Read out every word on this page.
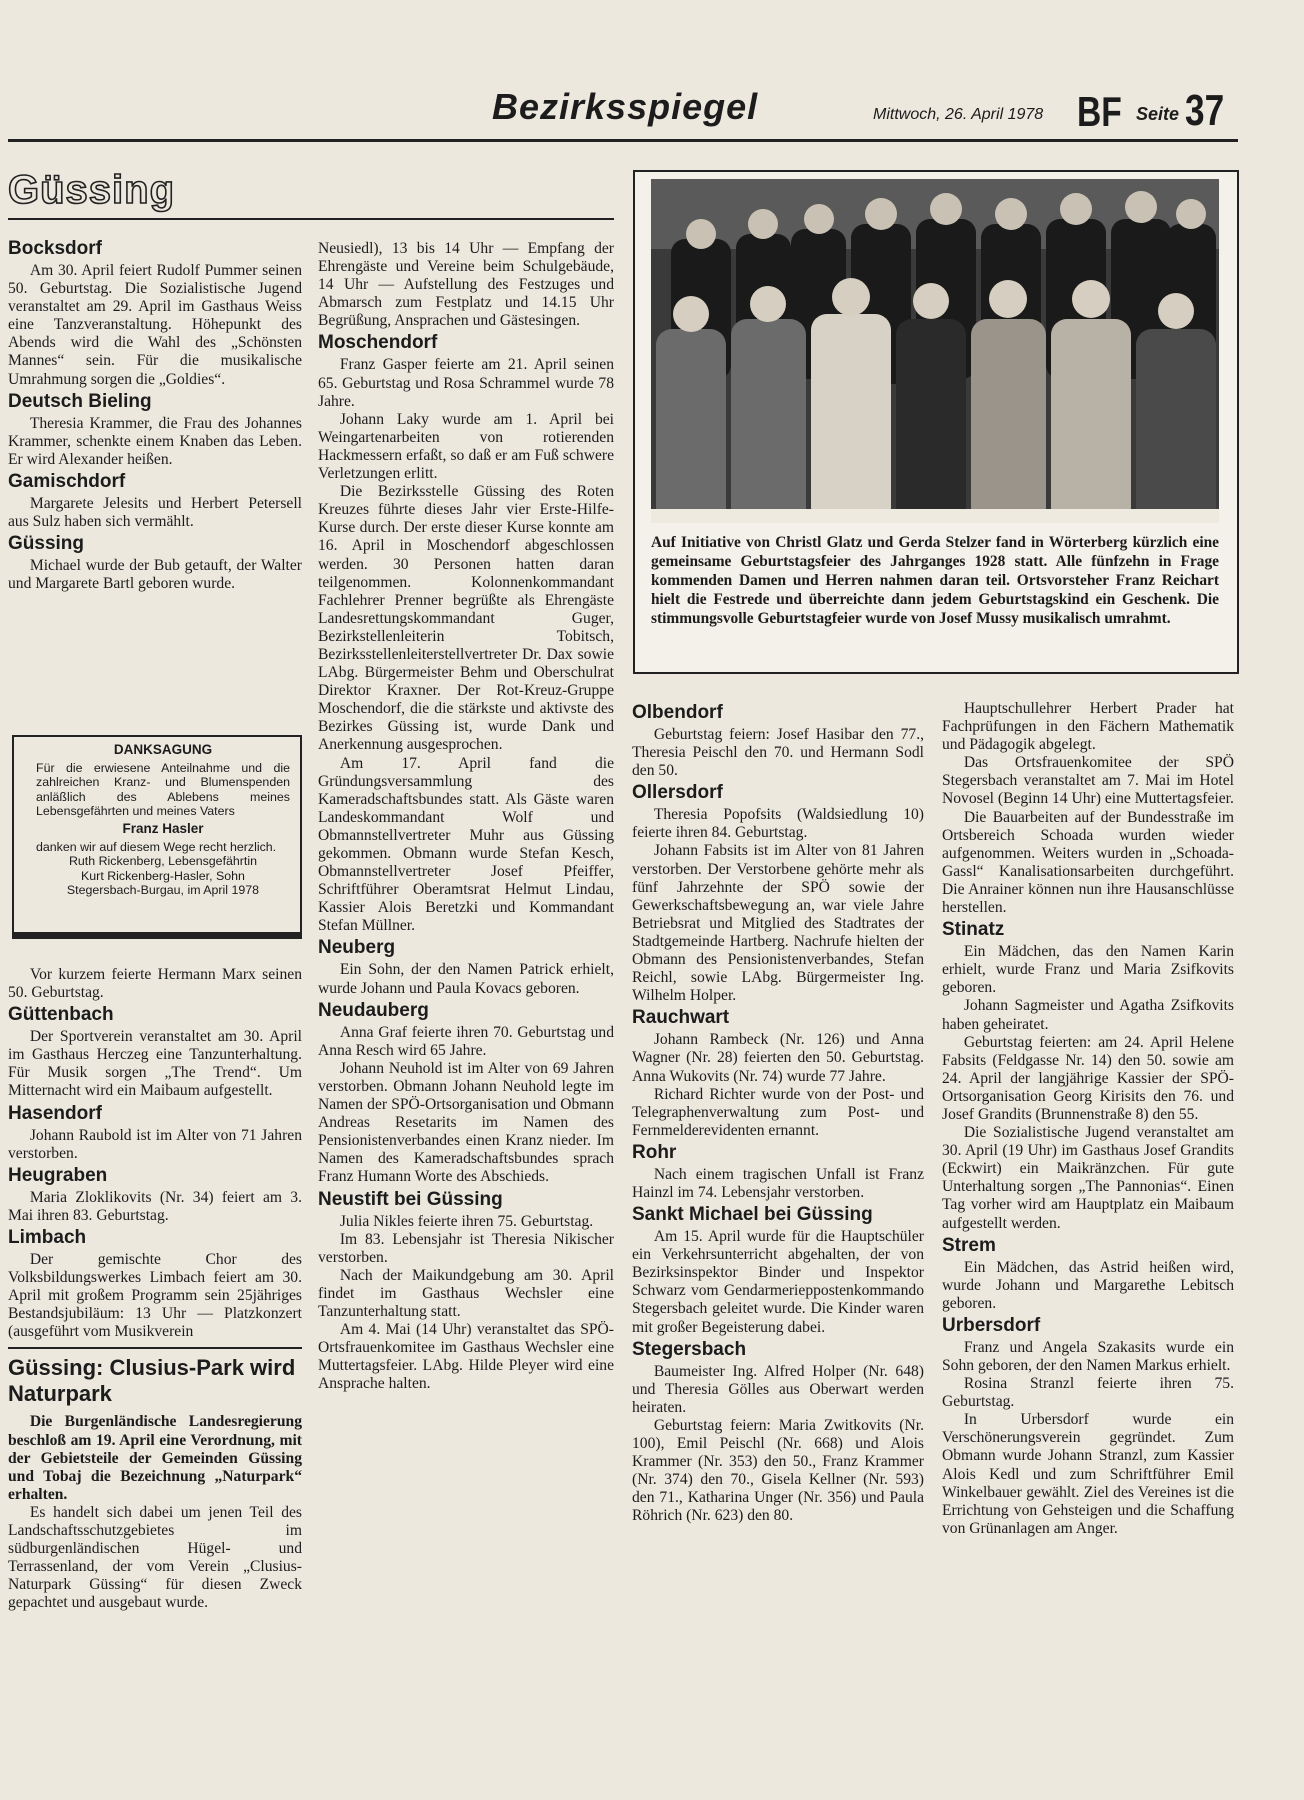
Bezirksspiegel	Mittwoch, 26. April 1978 BF Seite 37
Güssing
Bocksdorf

Am 30. April feiert Rudolf Pummer seinen 50. Geburtstag. Die Sozialistische Jugend veranstaltet am 29. April im Gasthaus Weiss eine Tanzveranstaltung. Höhepunkt des Abends wird die Wahl des „Schönsten Mannes“ sein. Für die musikalische Umrahmung sorgen die „Goldies“.

Deutsch Bieling

Theresia Krammer, die Frau des Johannes Krammer, schenkte einem Knaben das Leben. Er wird Alexander heißen.

Gamischdorf

Margarete Jelesits und Herbert Petersell aus Sulz haben sich vermählt.

Güssing

Michael wurde der Bub getauft, der Walter und Margarete Bartl geboren wurde.

DANKSAGUNG

Für die erwiesene Anteilnahme und die zahlreichen Kranz- und Blumenspenden anläßlich des Ablebens meines Lebensgefährten und meines Vaters

Franz Hasler

danken wir auf diesem Wege recht herzlich.

Ruth Rickenberg, Lebensgefährtin
Kurt Rickenberg-Hasler, Sohn
Stegersbach-Burgau, im April 1978

Vor kurzem feierte Hermann Marx seinen 50. Geburtstag.

Güttenbach

Der Sportverein veranstaltet am 30. April im Gasthaus Herczeg eine Tanzunterhaltung. Für Musik sorgen „The Trend“. Um Mitternacht wird ein Maibaum aufgestellt.

Hasendorf

Johann Raubold ist im Alter von 71 Jahren verstorben.

Heugraben

Maria Zloklikovits (Nr. 34) feiert am 3. Mai ihren 83. Geburtstag.

Limbach

Der gemischte Chor des Volksbildungswerkes Limbach feiert am 30. April mit großem Programm sein 25jähriges Bestandsjubiläum: 13 Uhr — Platzkonzert (ausgeführt vom Musikverein

Güssing: Clusius-Park wird Naturpark

Die Burgenländische Landesregierung beschloß am 19. April eine Verordnung, mit der Gebietsteile der Gemeinden Güssing und Tobaj die Bezeichnung „Naturpark“ erhalten.

Es handelt sich dabei um jenen Teil des Landschaftsschutzgebietes im südburgenländischen Hügel- und Terrassenland, der vom Verein „Clusius-Naturpark Güssing“ für diesen Zweck gepachtet und ausgebaut wurde.

Neusiedl), 13 bis 14 Uhr — Empfang der Ehrengäste und Vereine beim Schulgebäude, 14 Uhr — Aufstellung des Festzuges und Abmarsch zum Festplatz und 14.15 Uhr Begrüßung, Ansprachen und Gästesingen.

Moschendorf

Franz Gasper feierte am 21. April seinen 65. Geburtstag und Rosa Schrammel wurde 78 Jahre.

Johann Laky wurde am 1. April bei Weingartenarbeiten von rotierenden Hackmessern erfaßt, so daß er am Fuß schwere Verletzungen erlitt.

Die Bezirksstelle Güssing des Roten Kreuzes führte dieses Jahr vier Erste-Hilfe-Kurse durch. Der erste dieser Kurse konnte am 16. April in Moschendorf abgeschlossen werden. 30 Personen hatten daran teilgenommen. Kolonnenkommandant Fachlehrer Prenner begrüßte als Ehrengäste Landesrettungskommandant Guger, Bezirkstellenleiterin Tobitsch, Bezirksstellenleiterstellvertreter Dr. Dax sowie LAbg. Bürgermeister Behm und Oberschulrat Direktor Kraxner. Der Rot-Kreuz-Gruppe Moschendorf, die die stärkste und aktivste des Bezirkes Güssing ist, wurde Dank und Anerkennung ausgesprochen.

Am 17. April fand die Gründungsversammlung des Kameradschaftsbundes statt. Als Gäste waren Landeskommandant Wolf und Obmannstellvertreter Muhr aus Güssing gekommen. Obmann wurde Stefan Kesch, Obmannstellvertreter Josef Pfeiffer, Schriftführer Oberamtsrat Helmut Lindau, Kassier Alois Beretzki und Kommandant Stefan Müllner.

Neuberg

Ein Sohn, der den Namen Patrick erhielt, wurde Johann und Paula Kovacs geboren.

Neudauberg

Anna Graf feierte ihren 70. Geburtstag und Anna Resch wird 65 Jahre.

Johann Neuhold ist im Alter von 69 Jahren verstorben. Obmann Johann Neuhold legte im Namen der SPÖ-Ortsorganisation und Obmann Andreas Resetarits im Namen des Pensionistenverbandes einen Kranz nieder. Im Namen des Kameradschaftsbundes sprach Franz Humann Worte des Abschieds.

Neustift bei Güssing

Julia Nikles feierte ihren 75. Geburtstag.

Im 83. Lebensjahr ist Theresia Nikischer verstorben.

Nach der Maikundgebung am 30. April findet im Gasthaus Wechsler eine Tanzunterhaltung statt.

Am 4. Mai (14 Uhr) veranstaltet das SPÖ-Ortsfrauenkomitee im Gasthaus Wechsler eine Muttertagsfeier. LAbg. Hilde Pleyer wird eine Ansprache halten.

Auf Initiative von Christl Glatz und Gerda Stelzer fand in Wörterberg kürzlich eine gemeinsame Geburtstagsfeier des Jahrganges 1928 statt. Alle fünfzehn in Frage kommenden Damen und Herren nahmen daran teil. Ortsvorsteher Franz Reichart hielt die Festrede und überreichte dann jedem Geburtstagskind ein Geschenk. Die stimmungsvolle Geburtstagfeier wurde von Josef Mussy musikalisch umrahmt.
Olbendorf

Geburtstag feiern: Josef Hasibar den 77., Theresia Peischl den 70. und Hermann Sodl den 50.

Ollersdorf

Theresia Popofsits (Waldsiedlung 10) feierte ihren 84. Geburtstag.

Johann Fabsits ist im Alter von 81 Jahren verstorben. Der Verstorbene gehörte mehr als fünf Jahrzehnte der SPÖ sowie der Gewerkschaftsbewegung an, war viele Jahre Betriebsrat und Mitglied des Stadtrates der Stadtgemeinde Hartberg. Nachrufe hielten der Obmann des Pensionistenverbandes, Stefan Reichl, sowie LAbg. Bürgermeister Ing. Wilhelm Holper.

Rauchwart

Johann Rambeck (Nr. 126) und Anna Wagner (Nr. 28) feierten den 50. Geburtstag. Anna Wukovits (Nr. 74) wurde 77 Jahre.

Richard Richter wurde von der Post- und Telegraphenverwaltung zum Post- und Fernmelderevidenten ernannt.

Rohr

Nach einem tragischen Unfall ist Franz Hainzl im 74. Lebensjahr verstorben.

Sankt Michael bei Güssing

Am 15. April wurde für die Hauptschüler ein Verkehrsunterricht abgehalten, der von Bezirksinspektor Binder und Inspektor Schwarz vom Gendarmerieppostenkommando Stegersbach geleitet wurde. Die Kinder waren mit großer Begeisterung dabei.

Stegersbach

Baumeister Ing. Alfred Holper (Nr. 648) und Theresia Gölles aus Oberwart werden heiraten.

Geburtstag feiern: Maria Zwitkovits (Nr. 100), Emil Peischl (Nr. 668) und Alois Krammer (Nr. 353) den 50., Franz Krammer (Nr. 374) den 70., Gisela Kellner (Nr. 593) den 71., Katharina Unger (Nr. 356) und Paula Röhrich (Nr. 623) den 80.

Hauptschullehrer Herbert Prader hat Fachprüfungen in den Fächern Mathematik und Pädagogik abgelegt.

Das Ortsfrauenkomitee der SPÖ Stegersbach veranstaltet am 7. Mai im Hotel Novosel (Beginn 14 Uhr) eine Muttertagsfeier.

Die Bauarbeiten auf der Bundesstraße im Ortsbereich Schoada wurden wieder aufgenommen. Weiters wurden in „Schoada-Gassl“ Kanalisationsarbeiten durchgeführt. Die Anrainer können nun ihre Hausanschlüsse herstellen.

Stinatz

Ein Mädchen, das den Namen Karin erhielt, wurde Franz und Maria Zsifkovits geboren.

Johann Sagmeister und Agatha Zsifkovits haben geheiratet.

Geburtstag feierten: am 24. April Helene Fabsits (Feldgasse Nr. 14) den 50. sowie am 24. April der langjährige Kassier der SPÖ-Ortsorganisation Georg Kirisits den 76. und Josef Grandits (Brunnenstraße 8) den 55.

Die Sozialistische Jugend veranstaltet am 30. April (19 Uhr) im Gasthaus Josef Grandits (Eckwirt) ein Maikränzchen. Für gute Unterhaltung sorgen „The Pannonias“. Einen Tag vorher wird am Hauptplatz ein Maibaum aufgestellt werden.

Strem

Ein Mädchen, das Astrid heißen wird, wurde Johann und Margarethe Lebitsch geboren.

Urbersdorf

Franz und Angela Szakasits wurde ein Sohn geboren, der den Namen Markus erhielt.

Rosina Stranzl feierte ihren 75. Geburtstag.

In Urbersdorf wurde ein Verschönerungsverein gegründet. Zum Obmann wurde Johann Stranzl, zum Kassier Alois Kedl und zum Schriftführer Emil Winkelbauer gewählt. Ziel des Vereines ist die Errichtung von Gehsteigen und die Schaffung von Grünanlagen am Anger.
